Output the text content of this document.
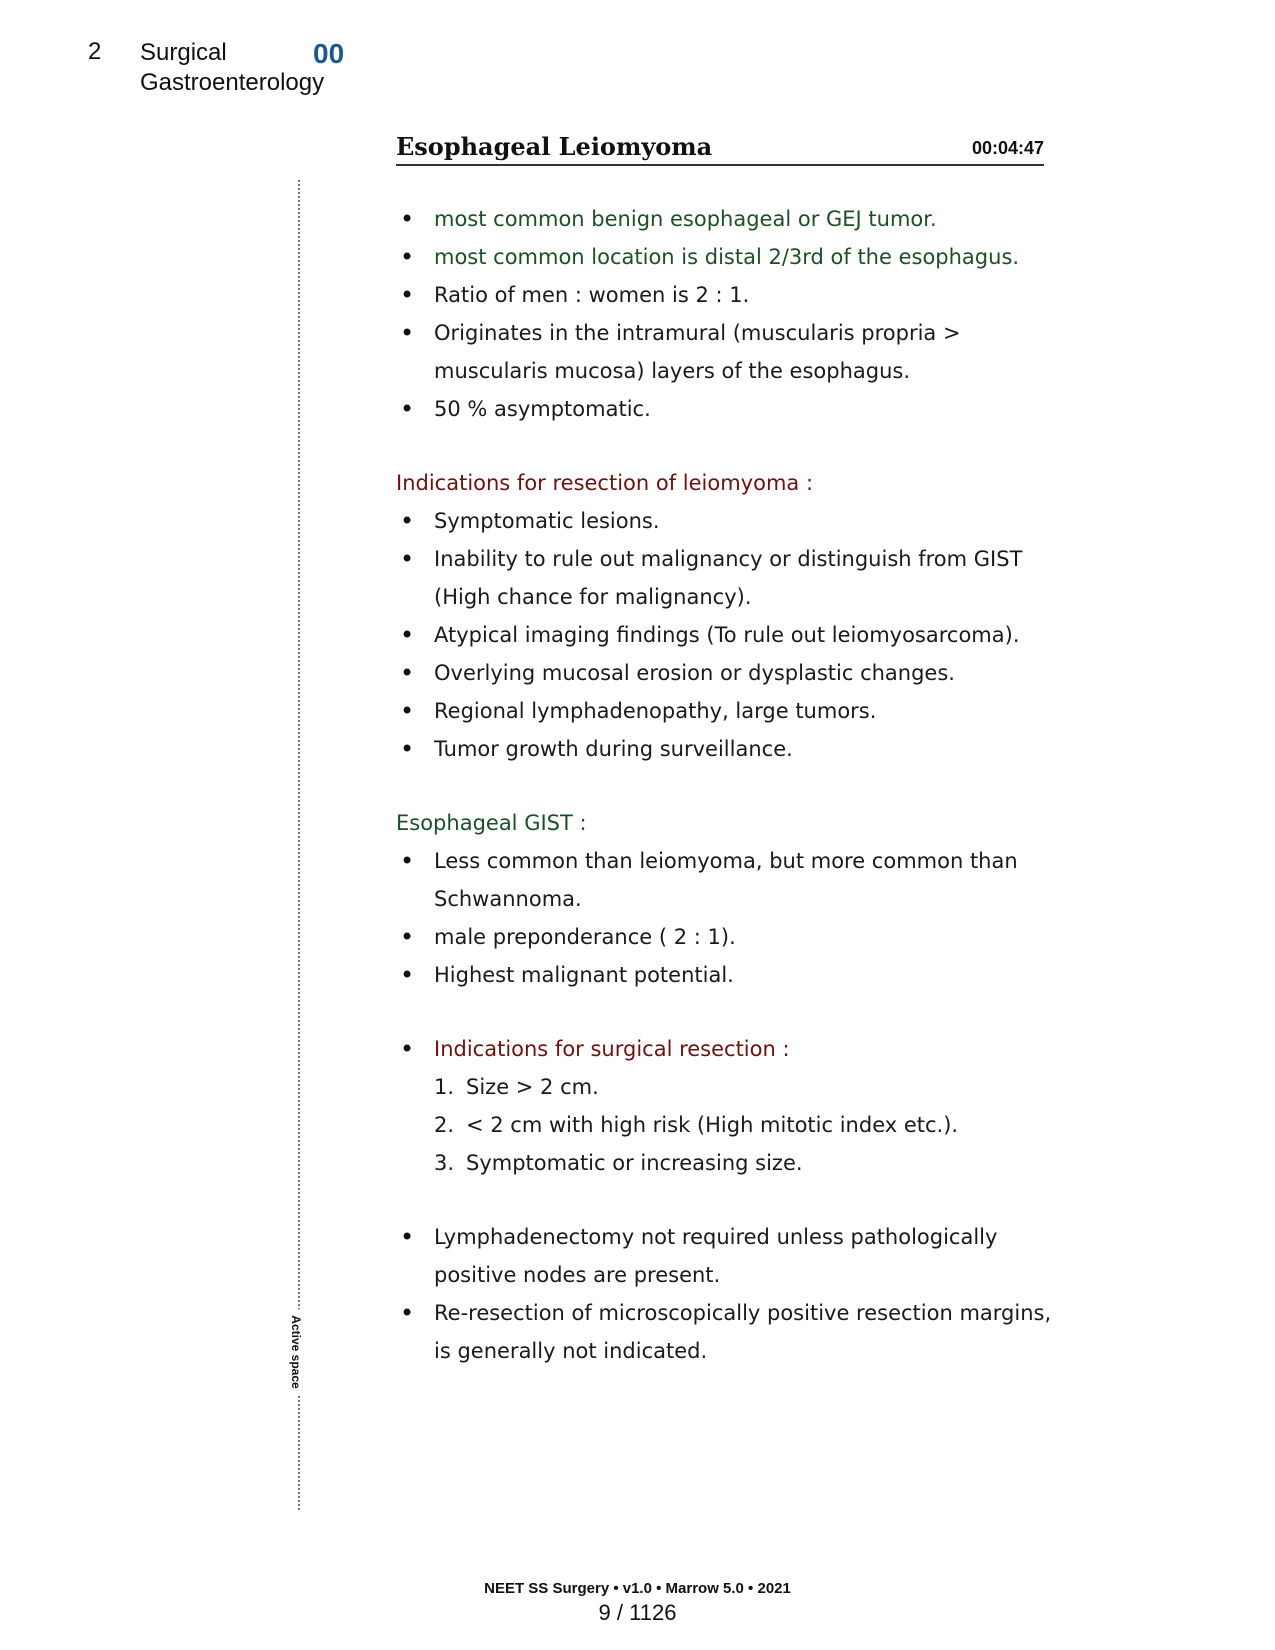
2 Surgical Gastroenterology
00
Esophageal Leiomyoma	00:04:47
Active space
• most common benign esophageal or GEJ tumor.
• most common location is distal 2/3rd of the esophagus.
• Ratio of men : women is 2 : 1.
• Originates in the intramural (muscularis propria > muscularis mucosa) layers of the esophagus.
• 50 % asymptomatic.
Indications for resection of leiomyoma :
• Symptomatic lesions.
• Inability to rule out malignancy or distinguish from GIST (High chance for malignancy).
• Atypical imaging findings (To rule out leiomyosarcoma).
• Overlying mucosal erosion or dysplastic changes.
• Regional lymphadenopathy, large tumors.
• Tumor growth during surveillance.
Esophageal GIST :
• Less common than leiomyoma, but more common than Schwannoma.
• male preponderance ( 2 : 1).
• Highest malignant potential.
• Indications for surgical resection :
1. Size > 2 cm.
2. < 2 cm with high risk (High mitotic index etc.).
3. Symptomatic or increasing size.
• Lymphadenectomy not required unless pathologically positive nodes are present.
• Re-resection of microscopically positive resection margins, is generally not indicated.
NEET SS Surgery • v1.0 • Marrow 5.0 • 2021
9 / 1126
